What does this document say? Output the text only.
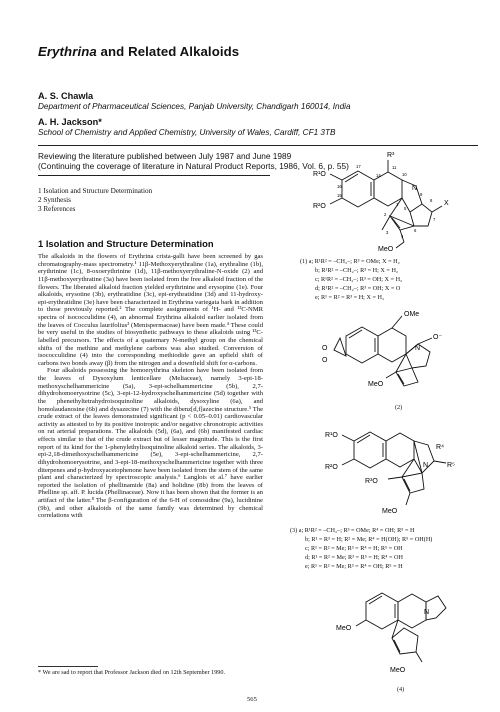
Erythrina and Related Alkaloids
A. S. Chawla
Department of Pharmaceutical Sciences, Panjab University, Chandigarh 160014, India
A. H. Jackson*
School of Chemistry and Applied Chemistry, University of Wales, Cardiff, CF1 3TB
Reviewing the literature published between July 1987 and June 1989
(Continuing the coverage of literature in Natural Product Reports, 1986, Vol. 6, p. 55)
1 Isolation and Structure Determination
2 Synthesis
3 References
1 Isolation and Structure Determination

The alkaloids in the flowers of Erythrina crista-galli have been screened by gas chromatography-mass spectrometry.¹ 11β-Methoxyerythraline (1a), erythraline (1b), erythrinine (1c), 8-oxoerythrinine (1d), 11β-methoxyerythraline-N-oxide (2) and 11β-methoxyerythratine (3a) have been isolated from the free alkaloid fraction of the flowers. The liberated alkaloid fraction yielded erythrinine and erysopine (1e). Four alkaloids, erysotine (3b), erythratidine (3c), epi-erythratidine (3d) and 11-hydroxy-epi-erythratidine (3e) have been characterized in Erythrina variegata bark in addition to those previously reported.² The complete assignments of ¹H- and ¹³C-NMR spectra of isococculidine (4), an abnormal Erythrina alkaloid earlier isolated from the leaves of Cocculus laurifolius³ (Menispermaceae) have been made.⁴ These could be very useful in the studies of biosynthetic pathways to these alkaloids using ¹³C-labelled precursors. The effects of a quaternary N-methyl group on the chemical shifts of the methine and methylene carbons was also studied. Conversion of isococculidine (4) into the corresponding methiodide gave an upfield shift of carbons two bonds away (β) from the nitrogen and a downfield shift for α-carbons.

Four alkaloids possessing the homoerythrina skeleton have been isolated from the leaves of Dysoxylum lenticellare (Meliaceae), namely 3-epi-18-methoxyschelhammericine (5a), 3-epi-schelhammericine (5b), 2,7-dihydrohomoerysotrine (5c), 3-epi-12-hydroxyschelhammericine (5d) together with the phenethyltetrahydroisoquinoline alkaloids, dysoxyline (6a), and homolaudanosine (6b) and dysazecine (7) with the dibenz[d,f]azecine structure.⁵ The crude extract of the leaves demonstrated significant (p < 0.05–0.01) cardiovascular activity as attested to by its positive inotropic and/or negative chronotropic activities on rat arterial preparations. The alkaloids (5d), (6a), and (6b) manifested cardiac effects similar to that of the crude extract but of lesser magnitude. This is the first report of its kind for the 1-phenylethylisoquinoline alkaloid series. The alkaloids, 3-epi-2,18-dimethoxyschelhammericine (5e), 3-epi-schelhammericine, 2,7-dihydrohomoerysotrine, and 3-epi-18-methoxyschelhammericine together with three diterpenes and p-hydroxyacetophenone have been isolated from the stem of the same plant and characterized by spectroscopic analysis.⁶ Langlois et al.⁷ have earlier reported the isolation of phellinamide (8a) and holidine (8b) from the leaves of Phelline sp. aff. P. lucida (Phellinaceae). Now it has been shown that the former is an artifact of the latter.⁸ The β-configuration of the 6-H of comosidine (9a), lucidinine (9b), and other alkaloids of the same family was determined by chemical correlations with

* We are sad to report that Professor Jackson died on 12th September 1990.
565
R³
R¹O
R²O
N
X
MeO
16
15
17
14
11
10
1
2
3
4
5
6
7
8
9
(1) a; R¹R² = –CH₂–; R³ = OMe; X = H₂
b; R¹R² = –CH₂–; R³ = H; X = H₂
c; R¹R² = –CH₂–; R³ = OH; X = H₂
d; R¹R² = –CH₂–; R³ = OH; X = O
e; R¹ = R² = R³ = H; X = H₂
OMe
N
O⁻
MeO
O
O
(2)
R¹O
R²O
R³O
R⁴
R⁵
N
MeO
(3) a; R¹R² = –CH₂–; R³ = OMe; R⁴ = OH; R⁵ = H
b; R¹ = R³ = H; R² = Me; R⁴ = H(OH); R⁵ = OH(H)
c; R¹ = R² = Me; R³ = R⁴ = H; R⁵ = OH
d; R¹ = R² = Me; R³ = R⁵ = H; R⁴ = OH
e; R¹ = R² = Me; R³ = R⁴ = OH; R⁵ = H
N
MeO
MeO
(4)
